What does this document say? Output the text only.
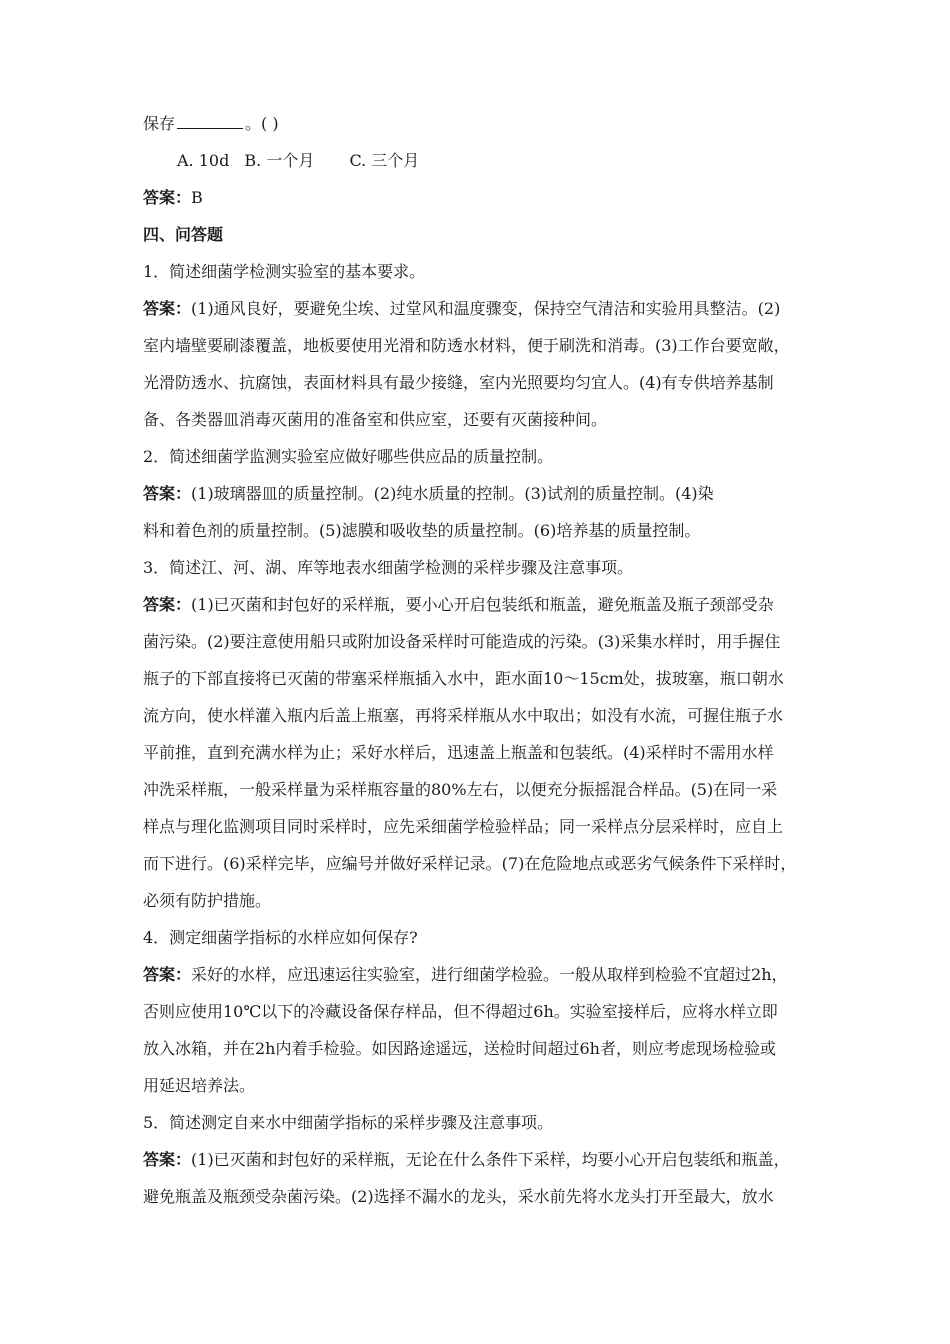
保存	。( )
A. 10d B. 一个月 C. 三个月
答案：B
四、问答题
1．简述细菌学检测实验室的基本要求。

答案：(1)通风良好，要避免尘埃、过堂风和温度骤变，保持空气清洁和实验用具整洁。(2)

室内墙壁要刷漆覆盖，地板要使用光滑和防透水材料，便于刷洗和消毒。(3)工作台要宽敞，

光滑防透水、抗腐蚀，表面材料具有最少接缝，室内光照要均匀宜人。(4)有专供培养基制

备、各类器皿消毒灭菌用的准备室和供应室，还要有灭菌接种间。

2．简述细菌学监测实验室应做好哪些供应品的质量控制。

答案：(1)玻璃器皿的质量控制。(2)纯水质量的控制。(3)试剂的质量控制。(4)染

料和着色剂的质量控制。(5)滤膜和吸收垫的质量控制。(6)培养基的质量控制。

3．简述江、河、湖、库等地表水细菌学检测的采样步骤及注意事项。

答案：(1)已灭菌和封包好的采样瓶，要小心开启包装纸和瓶盖，避免瓶盖及瓶子颈部受杂

菌污染。(2)要注意使用船只或附加设备采样时可能造成的污染。(3)采集水样时，用手握住

瓶子的下部直接将已灭菌的带塞采样瓶插入水中，距水面10～15cm处，拔玻塞，瓶口朝水

流方向，使水样灌入瓶内后盖上瓶塞，再将采样瓶从水中取出；如没有水流，可握住瓶子水

平前推，直到充满水样为止；采好水样后，迅速盖上瓶盖和包装纸。(4)采样时不需用水样

冲洗采样瓶，一般采样量为采样瓶容量的80%左右，以便充分振摇混合样品。(5)在同一采

样点与理化监测项目同时采样时，应先采细菌学检验样品；同一采样点分层采样时，应自上

而下进行。(6)采样完毕，应编号并做好采样记录。(7)在危险地点或恶劣气候条件下采样时，

必须有防护措施。

4．测定细菌学指标的水样应如何保存?

答案：采好的水样，应迅速运往实验室，进行细菌学检验。一般从取样到检验不宜超过2h，

否则应使用10℃以下的冷藏设备保存样品，但不得超过6h。实验室接样后，应将水样立即

放入冰箱，并在2h内着手检验。如因路途遥远，送检时间超过6h者，则应考虑现场检验或

用延迟培养法。

5．简述测定自来水中细菌学指标的采样步骤及注意事项。

答案：(1)已灭菌和封包好的采样瓶，无论在什么条件下采样，均要小心开启包装纸和瓶盖，

避免瓶盖及瓶颈受杂菌污染。(2)选择不漏水的龙头，采水前先将水龙头打开至最大，放水
